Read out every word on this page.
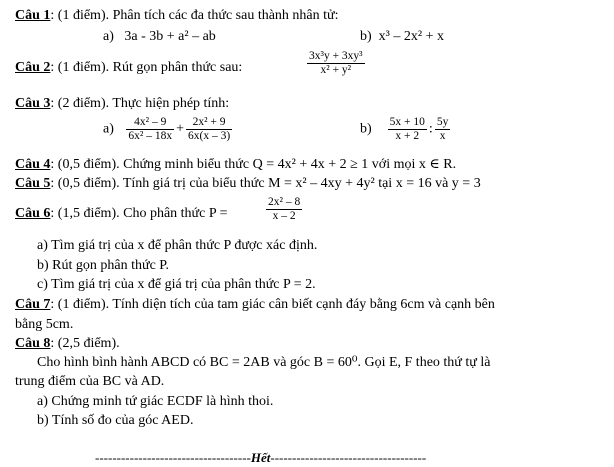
Câu 1: (1 điểm). Phân tích các đa thức sau thành nhân tử:
a) 3a - 3b + a² – ab	b) x³ – 2x² + x
Câu 2: (1 điểm). Rút gọn phân thức sau:	$\frac{\text{3x³y + 3xy³}}{\text{x² + y²}}$
Câu 3: (2 điểm). Thực hiện phép tính:
$a) \frac{\text{4x² – 9}}{\text{6x² – 18x}} + \frac{\text{2x² + 9}}{6x(x - 3)}$	$b) \frac{5x + 10}{x + 2}$ : $\frac{5y}{x}$
Câu 4: (0,5 điểm). Chứng minh biểu thức Q = 4x² + 4x + 2 ≥ 1 với mọi x ∈ R.
Câu 5: (0,5 điểm). Tính giá trị của biểu thức M = x² – 4xy + 4y² tại x = 16 và y = 3
Câu 6: (1,5 điểm). Cho phân thức P =	$\frac{\text{2x² – 8}}{x - 2}$
a) Tìm giá trị của x để phân thức P được xác định.
b) Rút gọn phân thức P.
c) Tìm giá trị của x để giá trị của phân thức P = 2.
Câu 7: (1 điểm). Tính diện tích của tam giác cân biết cạnh đáy bằng 6cm và cạnh bên
bằng 5cm.
Câu 8: (2,5 điểm).
Cho hình bình hành ABCD có BC = 2AB và góc B = 60⁰. Gọi E, F theo thứ tự là
trung điểm của BC và AD.
a) Chứng minh tứ giác ECDF là hình thoi.
b) Tính số đo của góc AED.
------------------------------------Hết------------------------------------
